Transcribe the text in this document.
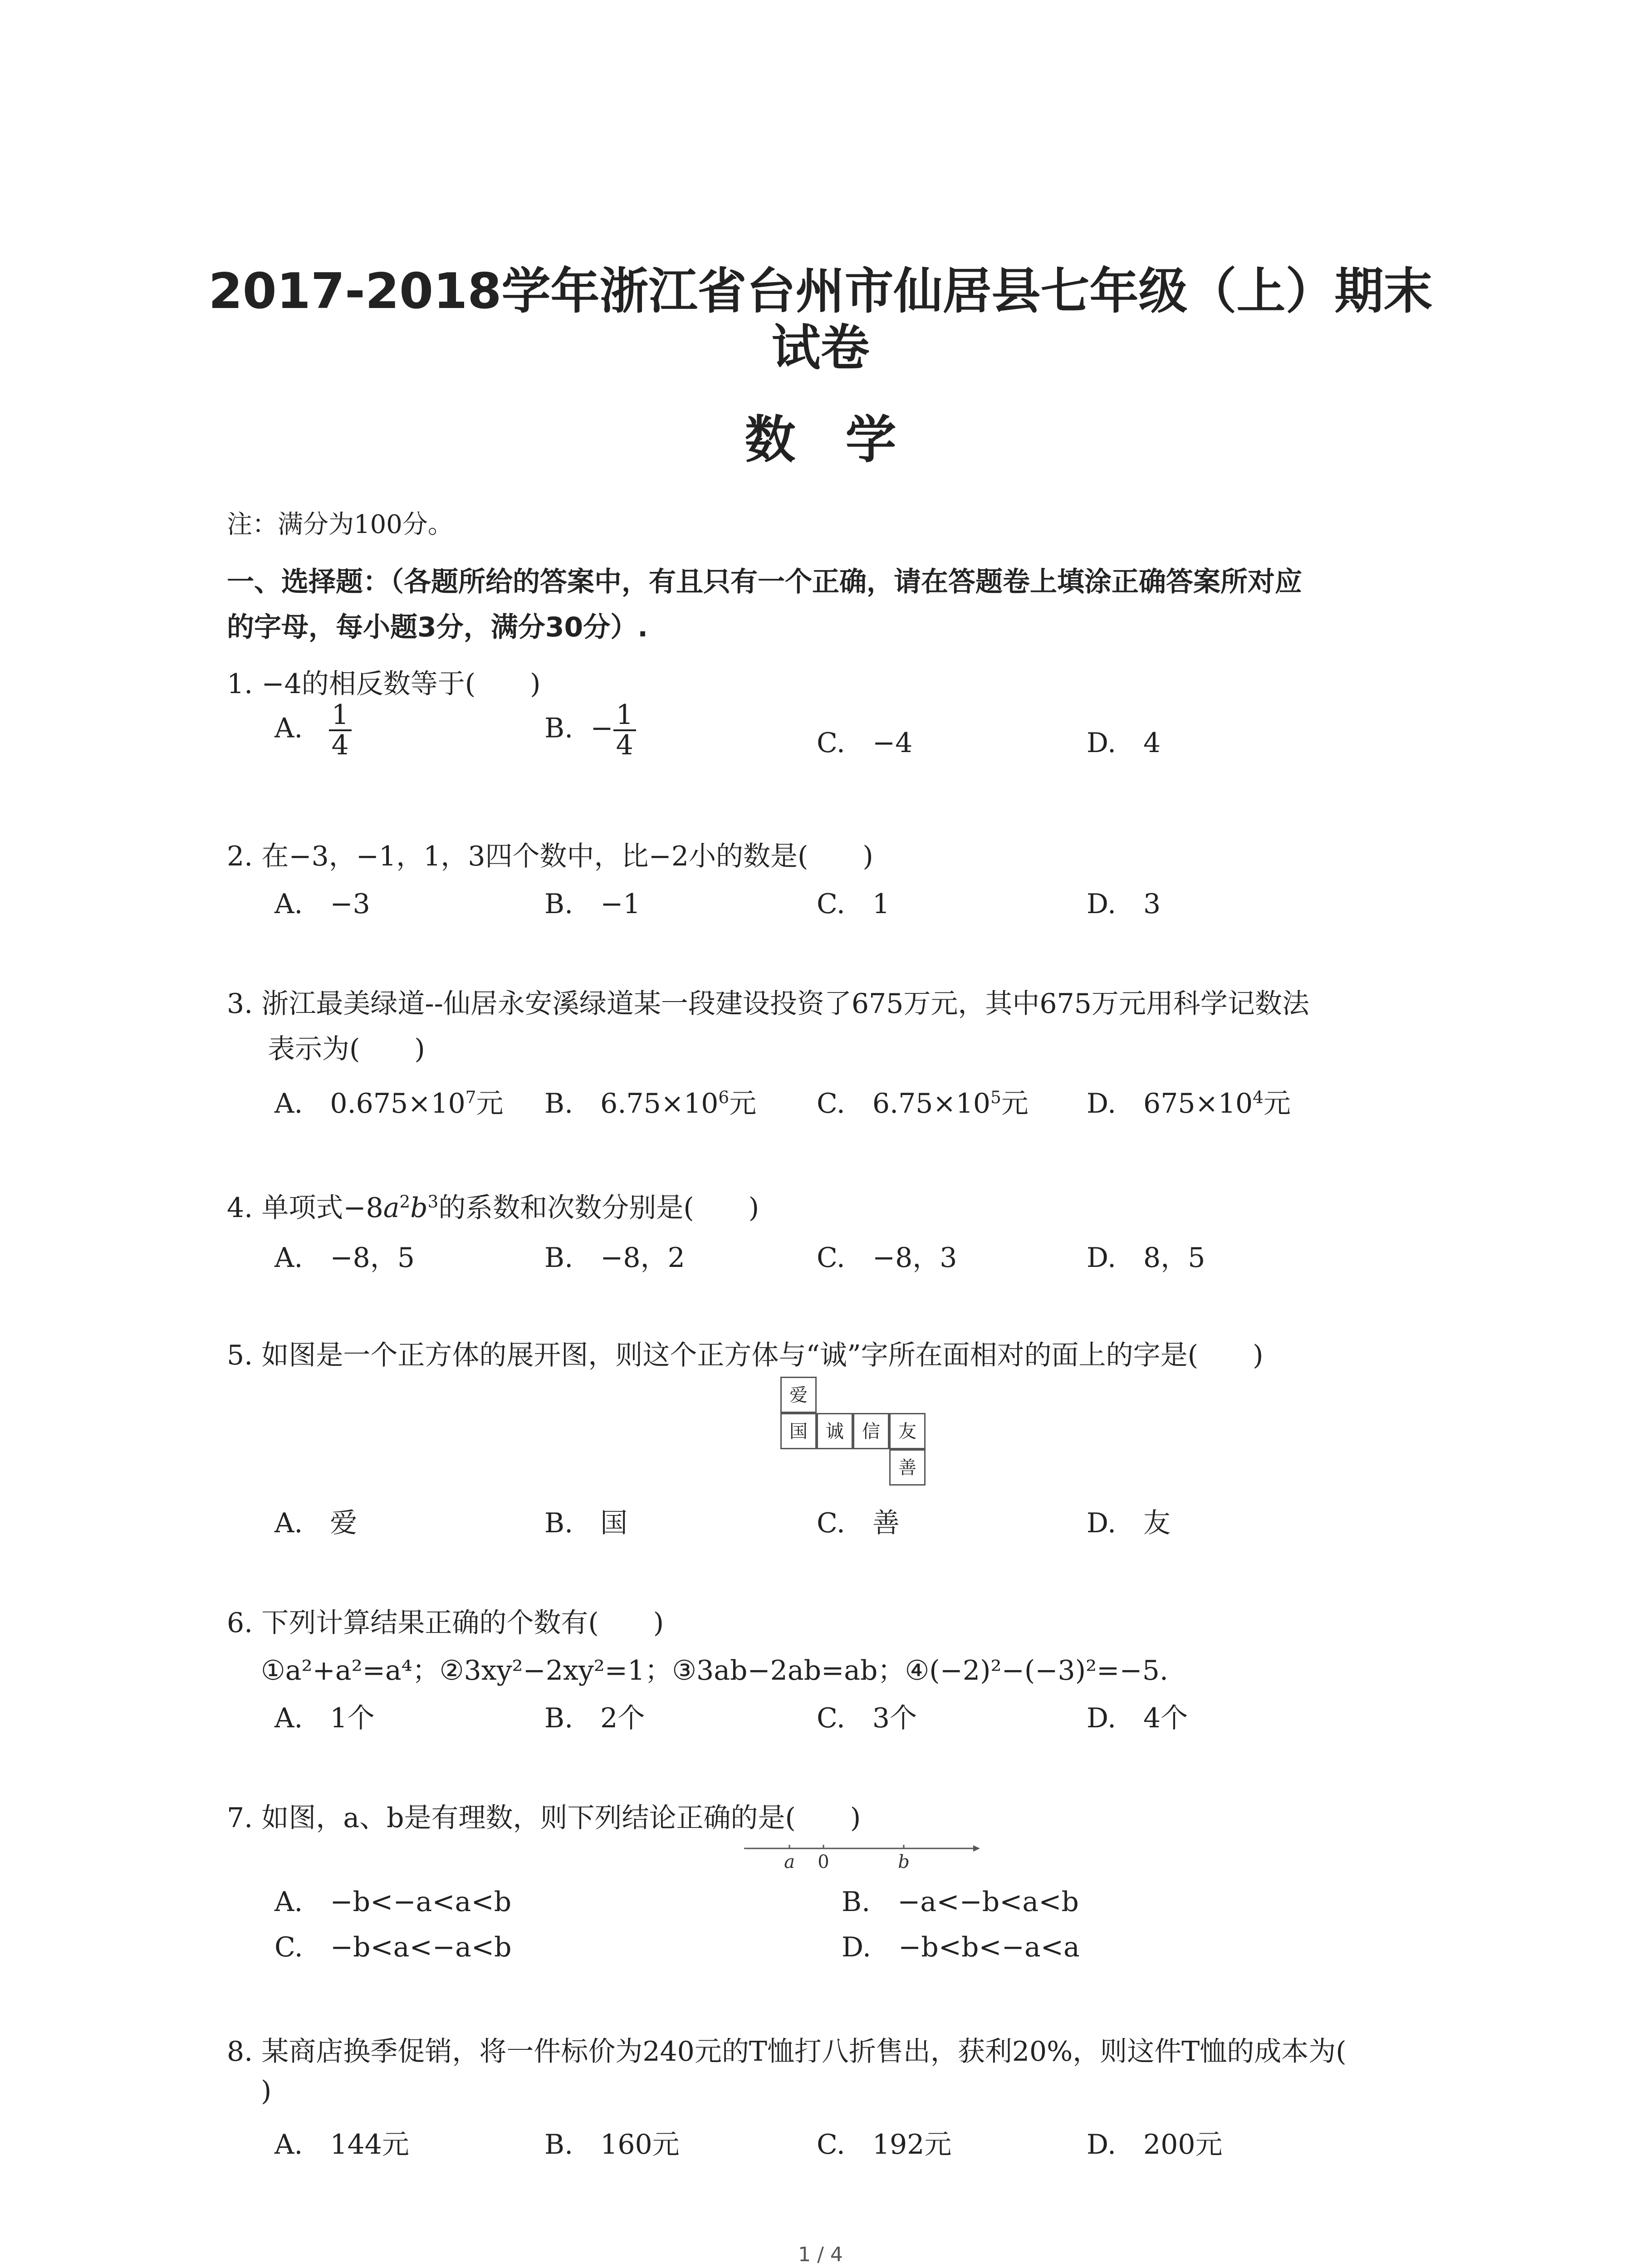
2017-2018学年浙江省台州市仙居县七年级（上）期末
试卷
数学
注：满分为100分。
一、选择题：（各题所给的答案中，有且只有一个正确，请在答题卷上填涂正确答案所对应
的字母，每小题3分，满分30分）.
1. −4的相反数等于(　　)
A. $\frac{1}{4}$	B. − $\frac{1}{4}$	C.　−4	D.　4
2. 在−3，−1，1，3四个数中，比−2小的数是(　　)
A.　−3	B.　−1	C.　1	D.　3
3. 浙江最美绿道--仙居永安溪绿道某一段建设投资了675万元，其中675万元用科学记数法
表示为(　　)
A.　$0.675\times 10^7$元 B.　$6.75\times 10^6$元 C.　$6.75\times 10^5$元 D.　$675\times 10^4$元
4. 单项式$-8a^2b^3$的系数和次数分别是(　　)
A.　−8，5	B.　−8，2	C.　−8，3	D.　8，5
5. 如图是一个正方体的展开图，则这个正方体与“诚”字所在面相对的面上的字是(　　)
爱
国	诚	信	友
善
A.　爱	B.　国	C.　善	D.　友
6. 下列计算结果正确的个数有(　　)
①a²+a²=a⁴；②3xy²−2xy²=1；③3ab−2ab=ab；④(−2)²−(−3)²=−5.
A.　1个	B.　2个	C.　3个	D.　4个
7. 如图，a、b是有理数，则下列结论正确的是(　　)
a 0	b
A.　−b<−a<a<b	B.　−a<−b<a<b
C.　−b<a<−a<b	D.　−b<b<−a<a
8. 某商店换季促销，将一件标价为240元的T恤打八折售出，获利20%，则这件T恤的成本为(
)
A.　144元	B.　160元	C.　192元	D.　200元
1 / 4
